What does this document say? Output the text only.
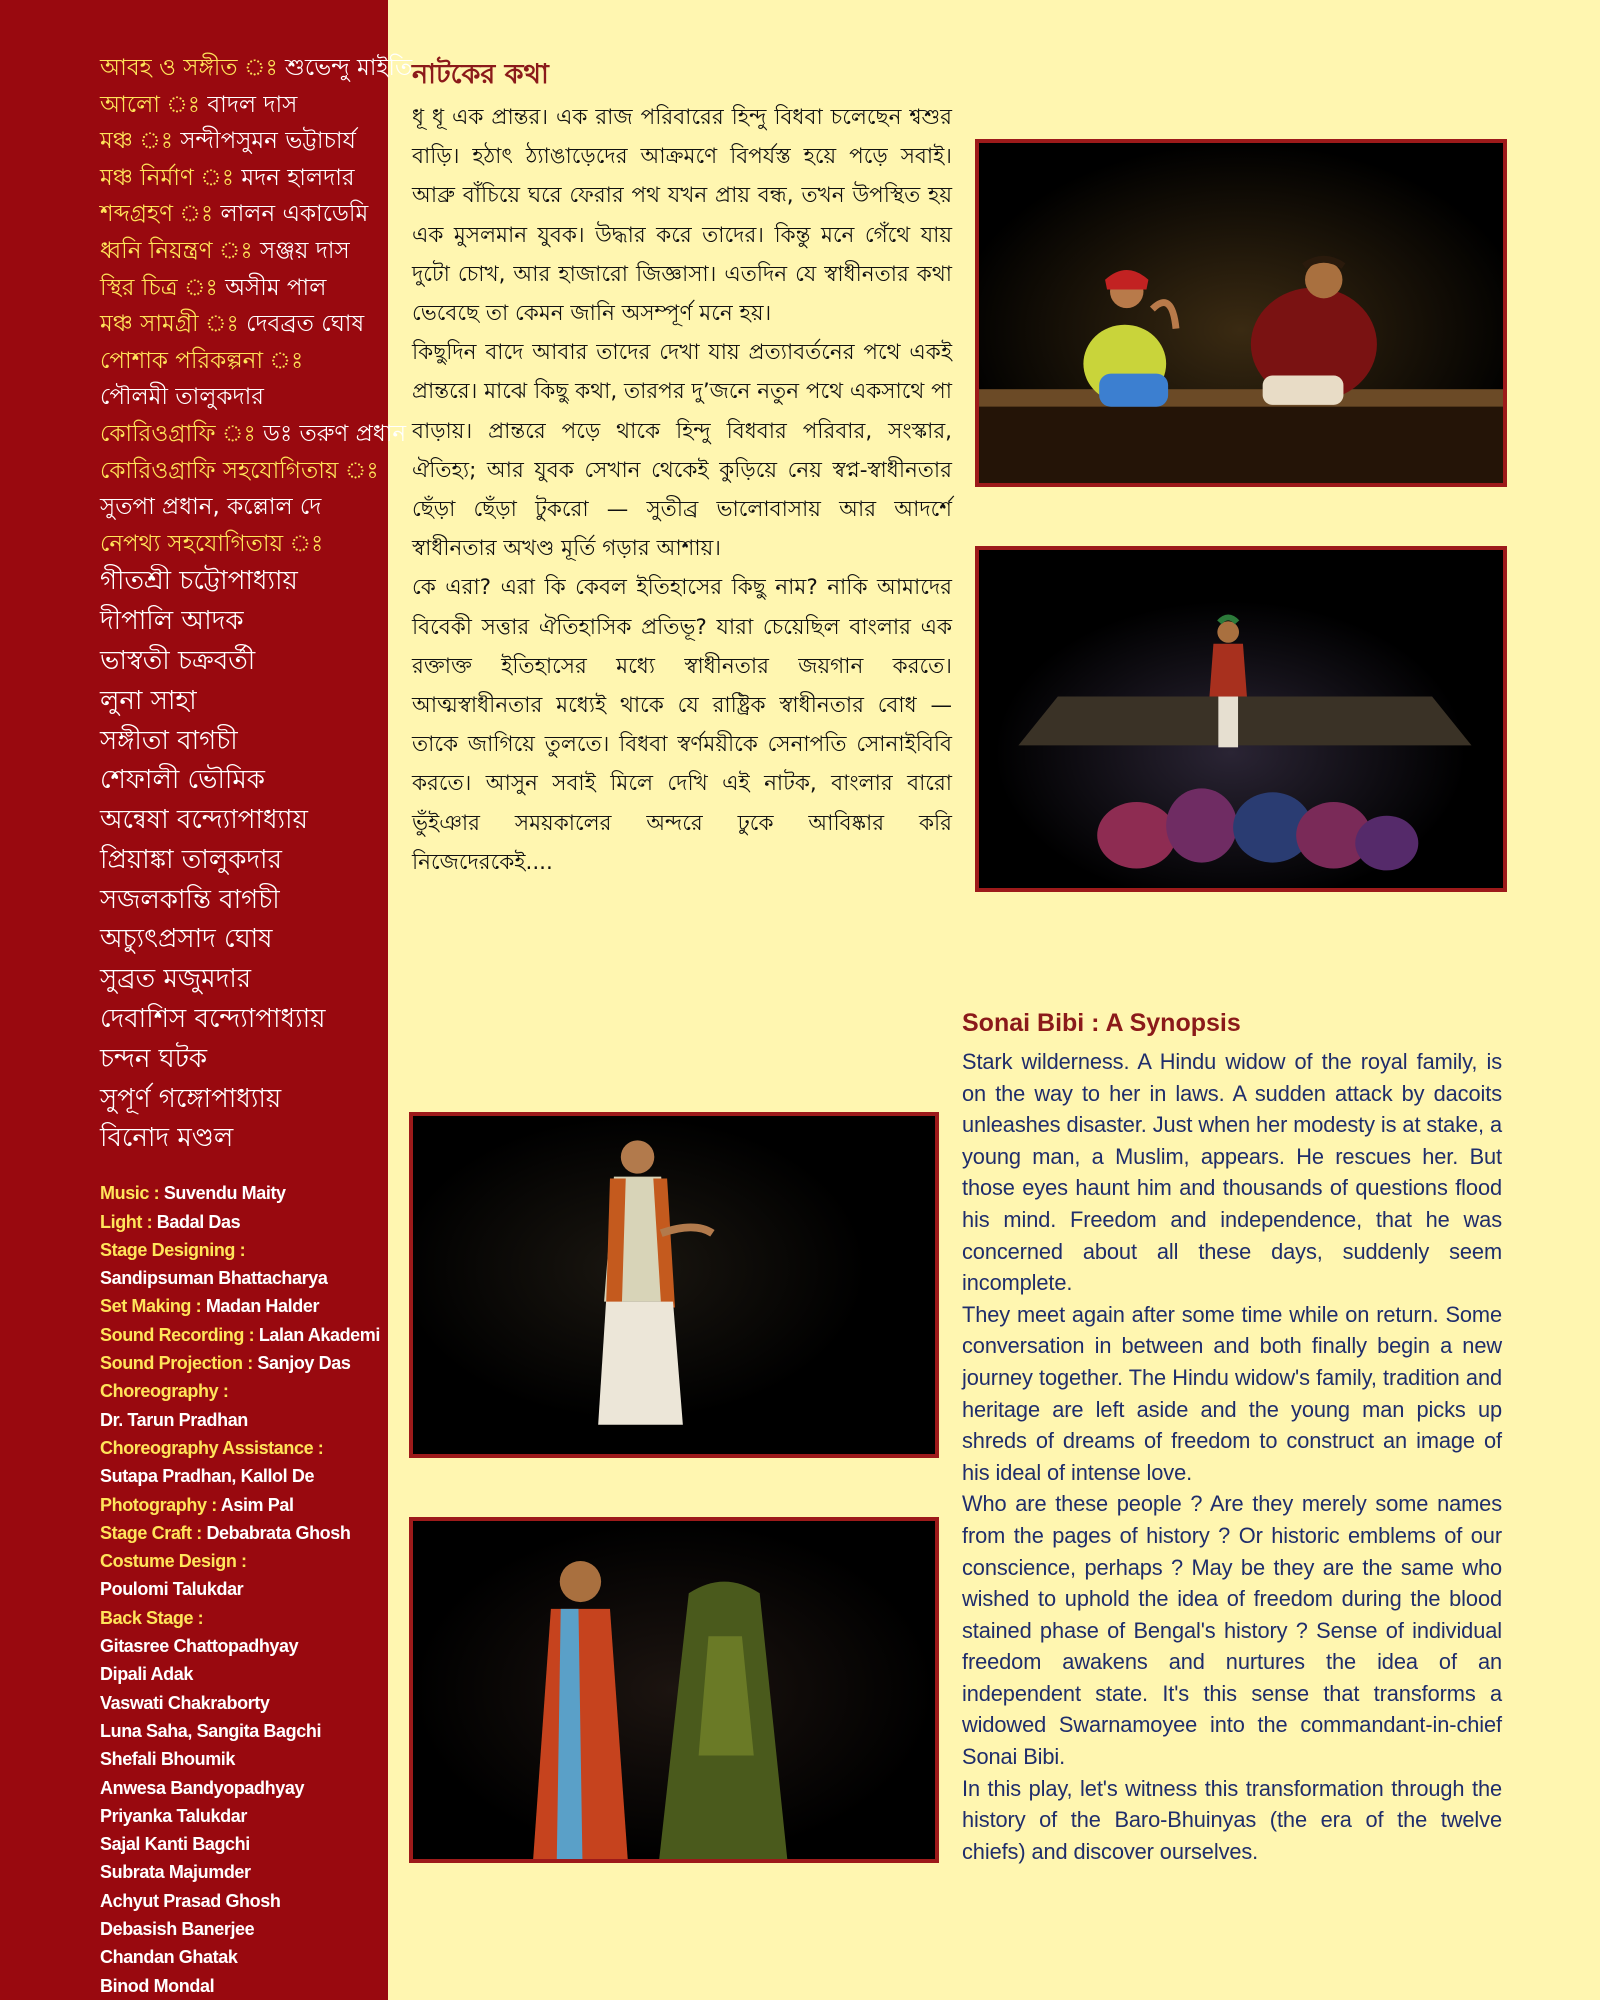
আবহ ও সঙ্গীত ঃ শুভেন্দু মাইতি
আলো ঃ বাদল দাস
মঞ্চ ঃ সন্দীপসুমন ভট্টাচার্য
মঞ্চ নির্মাণ ঃ মদন হালদার
শব্দগ্রহণ ঃ লালন একাডেমি
ধ্বনি নিয়ন্ত্রণ ঃ সঞ্জয় দাস
স্থির চিত্র ঃ অসীম পাল
মঞ্চ সামগ্রী ঃ দেবব্রত ঘোষ
পোশাক পরিকল্পনা ঃ
পৌলমী তালুকদার
কোরিওগ্রাফি ঃ ডঃ তরুণ প্রধান
কোরিওগ্রাফি সহযোগিতায় ঃ
সুতপা প্রধান, কল্লোল দে
নেপথ্য সহযোগিতায় ঃ
গীতশ্রী চট্টোপাধ্যায়
দীপালি আদক
ভাস্বতী চক্রবর্তী
লুনা সাহা
সঙ্গীতা বাগচী
শেফালী ভৌমিক
অন্বেষা বন্দ্যোপাধ্যায়
প্রিয়াঙ্কা তালুকদার
সজলকান্তি বাগচী
অচ্যুৎপ্রসাদ ঘোষ
সুব্রত মজুমদার
দেবাশিস বন্দ্যোপাধ্যায়
চন্দন ঘটক
সুপূর্ণ গঙ্গোপাধ্যায়
বিনোদ মণ্ডল
Music : Suvendu Maity
Light : Badal Das
Stage Designing :
Sandipsuman Bhattacharya
Set Making : Madan Halder
Sound Recording : Lalan Akademi
Sound Projection : Sanjoy Das
Choreography :
Dr. Tarun Pradhan
Choreography Assistance :
Sutapa Pradhan, Kallol De
Photography : Asim Pal
Stage Craft : Debabrata Ghosh
Costume Design :
Poulomi Talukdar
Back Stage :
Gitasree Chattopadhyay
Dipali Adak
Vaswati Chakraborty
Luna Saha, Sangita Bagchi
Shefali Bhoumik
Anwesa Bandyopadhyay
Priyanka Talukdar
Sajal Kanti Bagchi
Subrata Majumder
Achyut Prasad Ghosh
Debasish Banerjee
Chandan Ghatak
Binod Mondal
নাটকের কথা

ধূ ধূ এক প্রান্তর। এক রাজ পরিবারের হিন্দু বিধবা চলেছেন শ্বশুর বাড়ি। হঠাৎ ঠ্যাঙাড়েদের আক্রমণে বিপর্যস্ত হয়ে পড়ে সবাই। আব্রু বাঁচিয়ে ঘরে ফেরার পথ যখন প্রায় বন্ধ, তখন উপস্থিত হয় এক মুসলমান যুবক। উদ্ধার করে তাদের। কিন্তু মনে গেঁথে যায় দুটো চোখ, আর হাজারো জিজ্ঞাসা। এতদিন যে স্বাধীনতার কথা ভেবেছে তা কেমন জানি অসম্পূর্ণ মনে হয়।

কিছুদিন বাদে আবার তাদের দেখা যায় প্রত্যাবর্তনের পথে একই প্রান্তরে। মাঝে কিছু কথা, তারপর দু’জনে নতুন পথে একসাথে পা বাড়ায়। প্রান্তরে পড়ে থাকে হিন্দু বিধবার পরিবার, সংস্কার, ঐতিহ্য; আর যুবক সেখান থেকেই কুড়িয়ে নেয় স্বপ্ন-স্বাধীনতার ছেঁড়া ছেঁড়া টুকরো — সুতীব্র ভালোবাসায় আর আদর্শে স্বাধীনতার অখণ্ড মূর্তি গড়ার আশায়।

কে এরা? এরা কি কেবল ইতিহাসের কিছু নাম? নাকি আমাদের বিবেকী সত্তার ঐতিহাসিক প্রতিভূ? যারা চেয়েছিল বাংলার এক রক্তাক্ত ইতিহাসের মধ্যে স্বাধীনতার জয়গান করতে। আত্মস্বাধীনতার মধ্যেই থাকে যে রাষ্ট্রিক স্বাধীনতার বোধ — তাকে জাগিয়ে তুলতে। বিধবা স্বর্ণময়ীকে সেনাপতি সোনাইবিবি করতে। আসুন সবাই মিলে দেখি এই নাটক, বাংলার বারো ভুঁইঞার সময়কালের অন্দরে ঢুকে আবিষ্কার করি নিজেদেরকেই....

Sonai Bibi : A Synopsis

Stark wilderness. A Hindu widow of the royal family, is on the way to her in laws. A sudden attack by dacoits unleashes disaster. Just when her modesty is at stake, a young man, a Muslim, appears. He rescues her. But those eyes haunt him and thousands of questions flood his mind. Freedom and independence, that he was concerned about all these days, suddenly seem incomplete.

They meet again after some time while on return. Some conversation in between and both finally begin a new journey together. The Hindu widow's family, tradition and heritage are left aside and the young man picks up shreds of dreams of freedom to construct an image of his ideal of intense love.

Who are these people ? Are they merely some names from the pages of history ? Or historic emblems of our conscience, perhaps ? May be they are the same who wished to uphold the idea of freedom during the blood stained phase of Bengal's history ? Sense of individual freedom awakens and nurtures the idea of an independent state. It's this sense that transforms a widowed Swarnamoyee into the commandant-in-chief Sonai Bibi.

In this play, let's witness this transformation through the history of the Baro-Bhuinyas (the era of the twelve chiefs) and discover ourselves.
